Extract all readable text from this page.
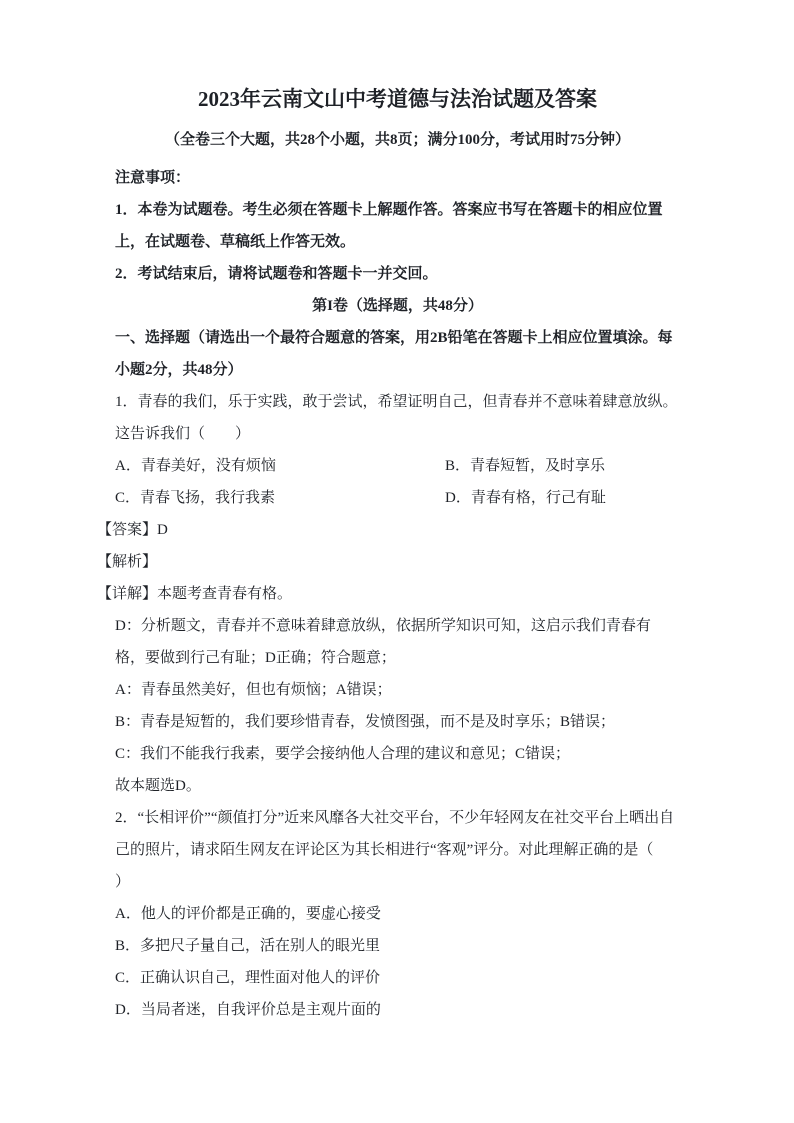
2023年云南文山中考道德与法治试题及答案

（全卷三个大题，共28个小题，共8页；满分100分，考试用时75分钟）

注意事项：

1．本卷为试题卷。考生必须在答题卡上解题作答。答案应书写在答题卡的相应位置上，在试题卷、草稿纸上作答无效。

2．考试结束后，请将试题卷和答题卡一并交回。

第I卷（选择题，共48分）

一、选择题（请选出一个最符合题意的答案，用2B铅笔在答题卡上相应位置填涂。每小题2分，共48分）

1．青春的我们，乐于实践，敢于尝试，希望证明自己，但青春并不意味着肆意放纵。这告诉我们（　　）

A．青春美好，没有烦恼	B．青春短暂，及时享乐
C．青春飞扬，我行我素	D．青春有格，行己有耻

【答案】D

【解析】

【详解】本题考查青春有格。

D：分析题文，青春并不意味着肆意放纵，依据所学知识可知，这启示我们青春有格，要做到行己有耻；D正确；符合题意；

A：青春虽然美好，但也有烦恼；A错误；

B：青春是短暂的，我们要珍惜青春，发愤图强，而不是及时享乐；B错误；

C：我们不能我行我素，要学会接纳他人合理的建议和意见；C错误；

故本题选D。

2．“长相评价”“颜值打分”近来风靡各大社交平台，不少年轻网友在社交平台上晒出自己的照片，请求陌生网友在评论区为其长相进行“客观”评分。对此理解正确的是（

）

A．他人的评价都是正确的，要虚心接受

B．多把尺子量自己，活在别人的眼光里

C．正确认识自己，理性面对他人的评价

D．当局者迷，自我评价总是主观片面的
